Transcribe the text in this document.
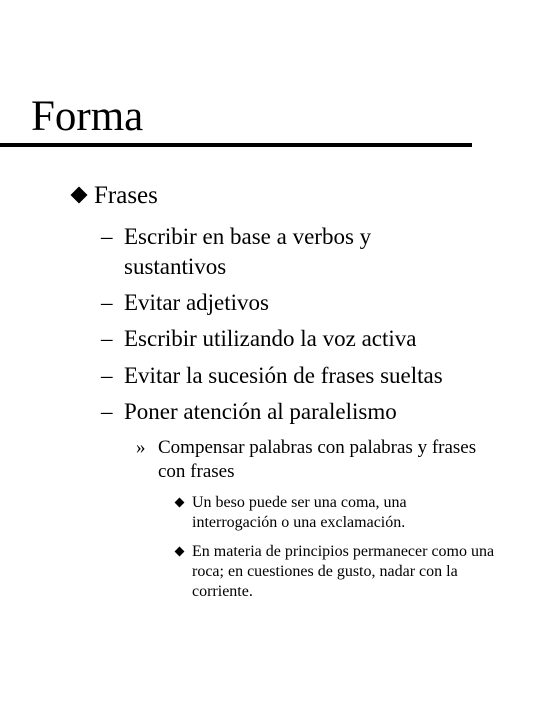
Forma
Frases
– Escribir en base a verbos y sustantivos
– Evitar adjetivos
– Escribir utilizando la voz activa
– Evitar la sucesión de frases sueltas
– Poner atención al paralelismo
» Compensar palabras con palabras y frases con frases
Un beso puede ser una coma, una interrogación o una exclamación.
En materia de principios permanecer como una roca; en cuestiones de gusto, nadar con la corriente.
